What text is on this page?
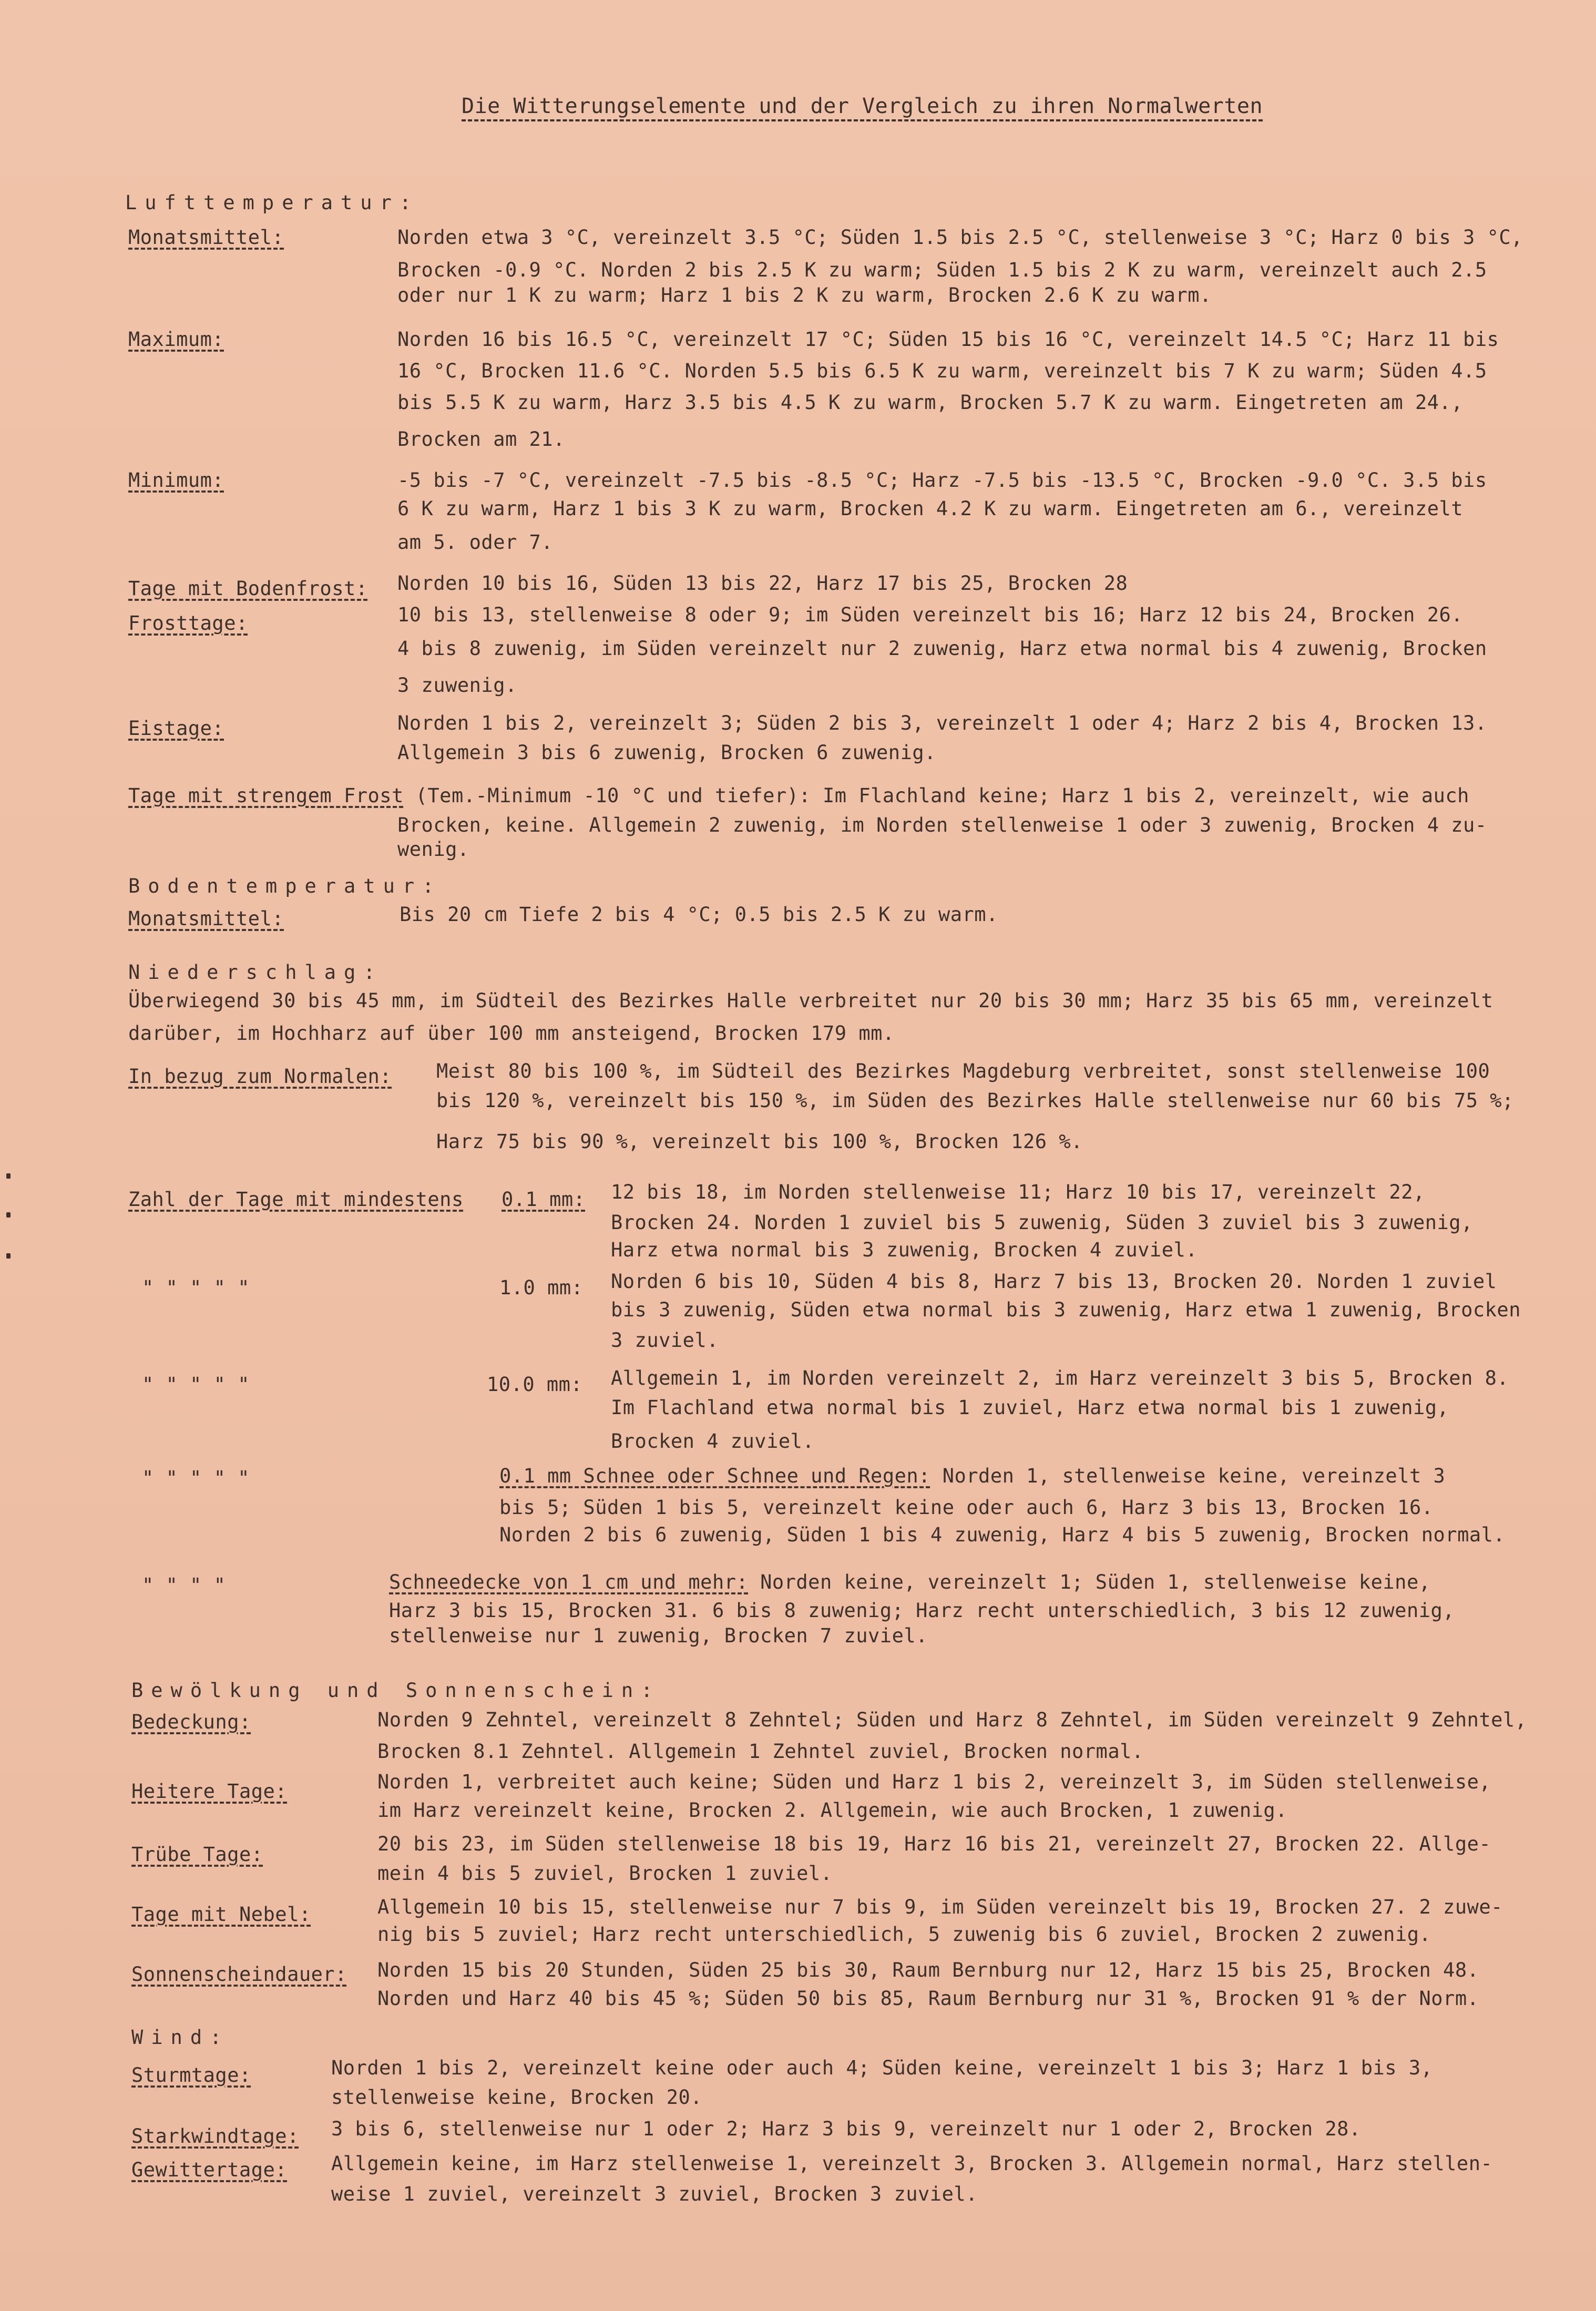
Die Witterungselemente und der Vergleich zu ihren Normalwerten
Lufttemperatur:
Monatsmittel:	Norden etwa 3 °C, vereinzelt 3.5 °C; Süden 1.5 bis 2.5 °C, stellenweise 3 °C; Harz 0 bis 3 °C,
Brocken -0.9 °C. Norden 2 bis 2.5 K zu warm; Süden 1.5 bis 2 K zu warm, vereinzelt auch 2.5
oder nur 1 K zu warm; Harz 1 bis 2 K zu warm, Brocken 2.6 K zu warm.
Maximum:	Norden 16 bis 16.5 °C, vereinzelt 17 °C; Süden 15 bis 16 °C, vereinzelt 14.5 °C; Harz 11 bis
16 °C, Brocken 11.6 °C. Norden 5.5 bis 6.5 K zu warm, vereinzelt bis 7 K zu warm; Süden 4.5
bis 5.5 K zu warm, Harz 3.5 bis 4.5 K zu warm, Brocken 5.7 K zu warm. Eingetreten am 24.,
Brocken am 21.
Minimum:	-5 bis -7 °C, vereinzelt -7.5 bis -8.5 °C; Harz -7.5 bis -13.5 °C, Brocken -9.0 °C. 3.5 bis
6 K zu warm, Harz 1 bis 3 K zu warm, Brocken 4.2 K zu warm. Eingetreten am 6., vereinzelt
am 5. oder 7.
Tage mit Bodenfrost: Norden 10 bis 16, Süden 13 bis 22, Harz 17 bis 25, Brocken 28
Frosttage:	10 bis 13, stellenweise 8 oder 9; im Süden vereinzelt bis 16; Harz 12 bis 24, Brocken 26.
4 bis 8 zuwenig, im Süden vereinzelt nur 2 zuwenig, Harz etwa normal bis 4 zuwenig, Brocken
3 zuwenig.
Eistage:	Norden 1 bis 2, vereinzelt 3; Süden 2 bis 3, vereinzelt 1 oder 4; Harz 2 bis 4, Brocken 13.
Allgemein 3 bis 6 zuwenig, Brocken 6 zuwenig.
Tage mit strengem Frost (Tem.-Minimum -10 °C und tiefer): Im Flachland keine; Harz 1 bis 2, vereinzelt, wie auch
Brocken, keine. Allgemein 2 zuwenig, im Norden stellenweise 1 oder 3 zuwenig, Brocken 4 zu-
wenig.
Bodentemperatur:
Monatsmittel:	Bis 20 cm Tiefe 2 bis 4 °C; 0.5 bis 2.5 K zu warm.
Niederschlag:
Überwiegend 30 bis 45 mm, im Südteil des Bezirkes Halle verbreitet nur 20 bis 30 mm; Harz 35 bis 65 mm, vereinzelt
darüber, im Hochharz auf über 100 mm ansteigend, Brocken 179 mm.
In bezug zum Normalen: Meist 80 bis 100 %, im Südteil des Bezirkes Magdeburg verbreitet, sonst stellenweise 100
bis 120 %, vereinzelt bis 150 %, im Süden des Bezirkes Halle stellenweise nur 60 bis 75 %;
Harz 75 bis 90 %, vereinzelt bis 100 %, Brocken 126 %.
Zahl der Tage mit mindestens 0.1 mm: 12 bis 18, im Norden stellenweise 11; Harz 10 bis 17, vereinzelt 22,
Brocken 24. Norden 1 zuviel bis 5 zuwenig, Süden 3 zuviel bis 3 zuwenig,
Harz etwa normal bis 3 zuwenig, Brocken 4 zuviel.
" " " " "	1.0 mm: Norden 6 bis 10, Süden 4 bis 8, Harz 7 bis 13, Brocken 20. Norden 1 zuviel
bis 3 zuwenig, Süden etwa normal bis 3 zuwenig, Harz etwa 1 zuwenig, Brocken
3 zuviel.
" " " " "	10.0 mm: Allgemein 1, im Norden vereinzelt 2, im Harz vereinzelt 3 bis 5, Brocken 8.
Im Flachland etwa normal bis 1 zuviel, Harz etwa normal bis 1 zuwenig,
Brocken 4 zuviel.
" " " " "	0.1 mm Schnee oder Schnee und Regen: Norden 1, stellenweise keine, vereinzelt 3
bis 5; Süden 1 bis 5, vereinzelt keine oder auch 6, Harz 3 bis 13, Brocken 16.
Norden 2 bis 6 zuwenig, Süden 1 bis 4 zuwenig, Harz 4 bis 5 zuwenig, Brocken normal.
" " " "	Schneedecke von 1 cm und mehr: Norden keine, vereinzelt 1; Süden 1, stellenweise keine,
Harz 3 bis 15, Brocken 31. 6 bis 8 zuwenig; Harz recht unterschiedlich, 3 bis 12 zuwenig,
stellenweise nur 1 zuwenig, Brocken 7 zuviel.
Bewölkung und Sonnenschein:
Bedeckung:	Norden 9 Zehntel, vereinzelt 8 Zehntel; Süden und Harz 8 Zehntel, im Süden vereinzelt 9 Zehntel,
Brocken 8.1 Zehntel. Allgemein 1 Zehntel zuviel, Brocken normal.
Heitere Tage:	Norden 1, verbreitet auch keine; Süden und Harz 1 bis 2, vereinzelt 3, im Süden stellenweise,
im Harz vereinzelt keine, Brocken 2. Allgemein, wie auch Brocken, 1 zuwenig.
Trübe Tage:	20 bis 23, im Süden stellenweise 18 bis 19, Harz 16 bis 21, vereinzelt 27, Brocken 22. Allge-
mein 4 bis 5 zuviel, Brocken 1 zuviel.
Tage mit Nebel:	Allgemein 10 bis 15, stellenweise nur 7 bis 9, im Süden vereinzelt bis 19, Brocken 27. 2 zuwe-
nig bis 5 zuviel; Harz recht unterschiedlich, 5 zuwenig bis 6 zuviel, Brocken 2 zuwenig.
Sonnenscheindauer: Norden 15 bis 20 Stunden, Süden 25 bis 30, Raum Bernburg nur 12, Harz 15 bis 25, Brocken 48.
Norden und Harz 40 bis 45 %; Süden 50 bis 85, Raum Bernburg nur 31 %, Brocken 91 % der Norm.
Wind:
Sturmtage:	Norden 1 bis 2, vereinzelt keine oder auch 4; Süden keine, vereinzelt 1 bis 3; Harz 1 bis 3,
stellenweise keine, Brocken 20.
Starkwindtage: 3 bis 6, stellenweise nur 1 oder 2; Harz 3 bis 9, vereinzelt nur 1 oder 2, Brocken 28.
Gewittertage: Allgemein keine, im Harz stellenweise 1, vereinzelt 3, Brocken 3. Allgemein normal, Harz stellen-
weise 1 zuviel, vereinzelt 3 zuviel, Brocken 3 zuviel.
